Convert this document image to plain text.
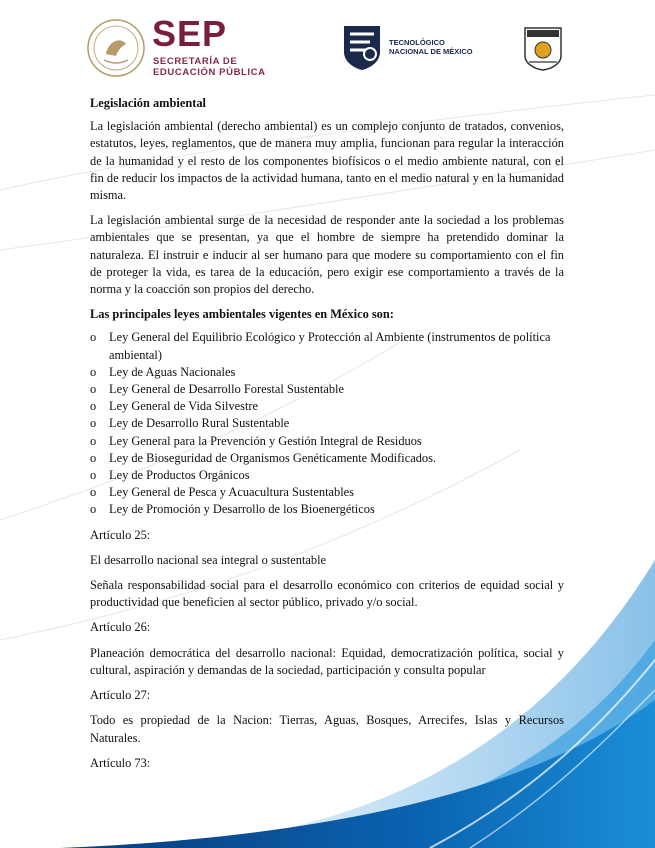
SEP
SECRETARÍA DE
EDUCACIÓN PÚBLICA
TECNOLÓGICO
NACIONAL DE MÉXICO
Legislación ambiental

La legislación ambiental (derecho ambiental) es un complejo conjunto de tratados, convenios, estatutos, leyes, reglamentos, que de manera muy amplia, funcionan para regular la interacción de la humanidad y el resto de los componentes biofísicos o el medio ambiente natural, con el fin de reducir los impactos de la actividad humana, tanto en el medio natural y en la humanidad misma.

La legislación ambiental surge de la necesidad de responder ante la sociedad a los problemas ambientales que se presentan, ya que el hombre de siempre ha pretendido dominar la naturaleza. El instruir e inducir al ser humano para que modere su comportamiento con el fin de proteger la vida, es tarea de la educación, pero exigir ese comportamiento a través de la norma y la coacción son propios del derecho.

Las principales leyes ambientales vigentes en México son:
o Ley General del Equilibrio Ecológico y Protección al Ambiente (instrumentos de política ambiental)
o Ley de Aguas Nacionales
o Ley General de Desarrollo Forestal Sustentable
o Ley General de Vida Silvestre
o Ley de Desarrollo Rural Sustentable
o Ley General para la Prevención y Gestión Integral de Residuos
o Ley de Bioseguridad de Organismos Genéticamente Modificados.
o Ley de Productos Orgánicos
o Ley General de Pesca y Acuacultura Sustentables
o Ley de Promoción y Desarrollo de los Bioenergéticos

Artículo 25:

El desarrollo nacional sea integral o sustentable

Señala responsabilidad social para el desarrollo económico con criterios de equidad social y productividad que beneficien al sector público, privado y/o social.

Artículo 26:

Planeación democrática del desarrollo nacional: Equidad, democratización política, social y cultural, aspiración y demandas de la sociedad, participación y consulta popular

Artículo 27:

Todo es propiedad de la Nacion: Tierras, Aguas, Bosques, Arrecifes, Islas y Recursos Naturales.

Artículo 73:
